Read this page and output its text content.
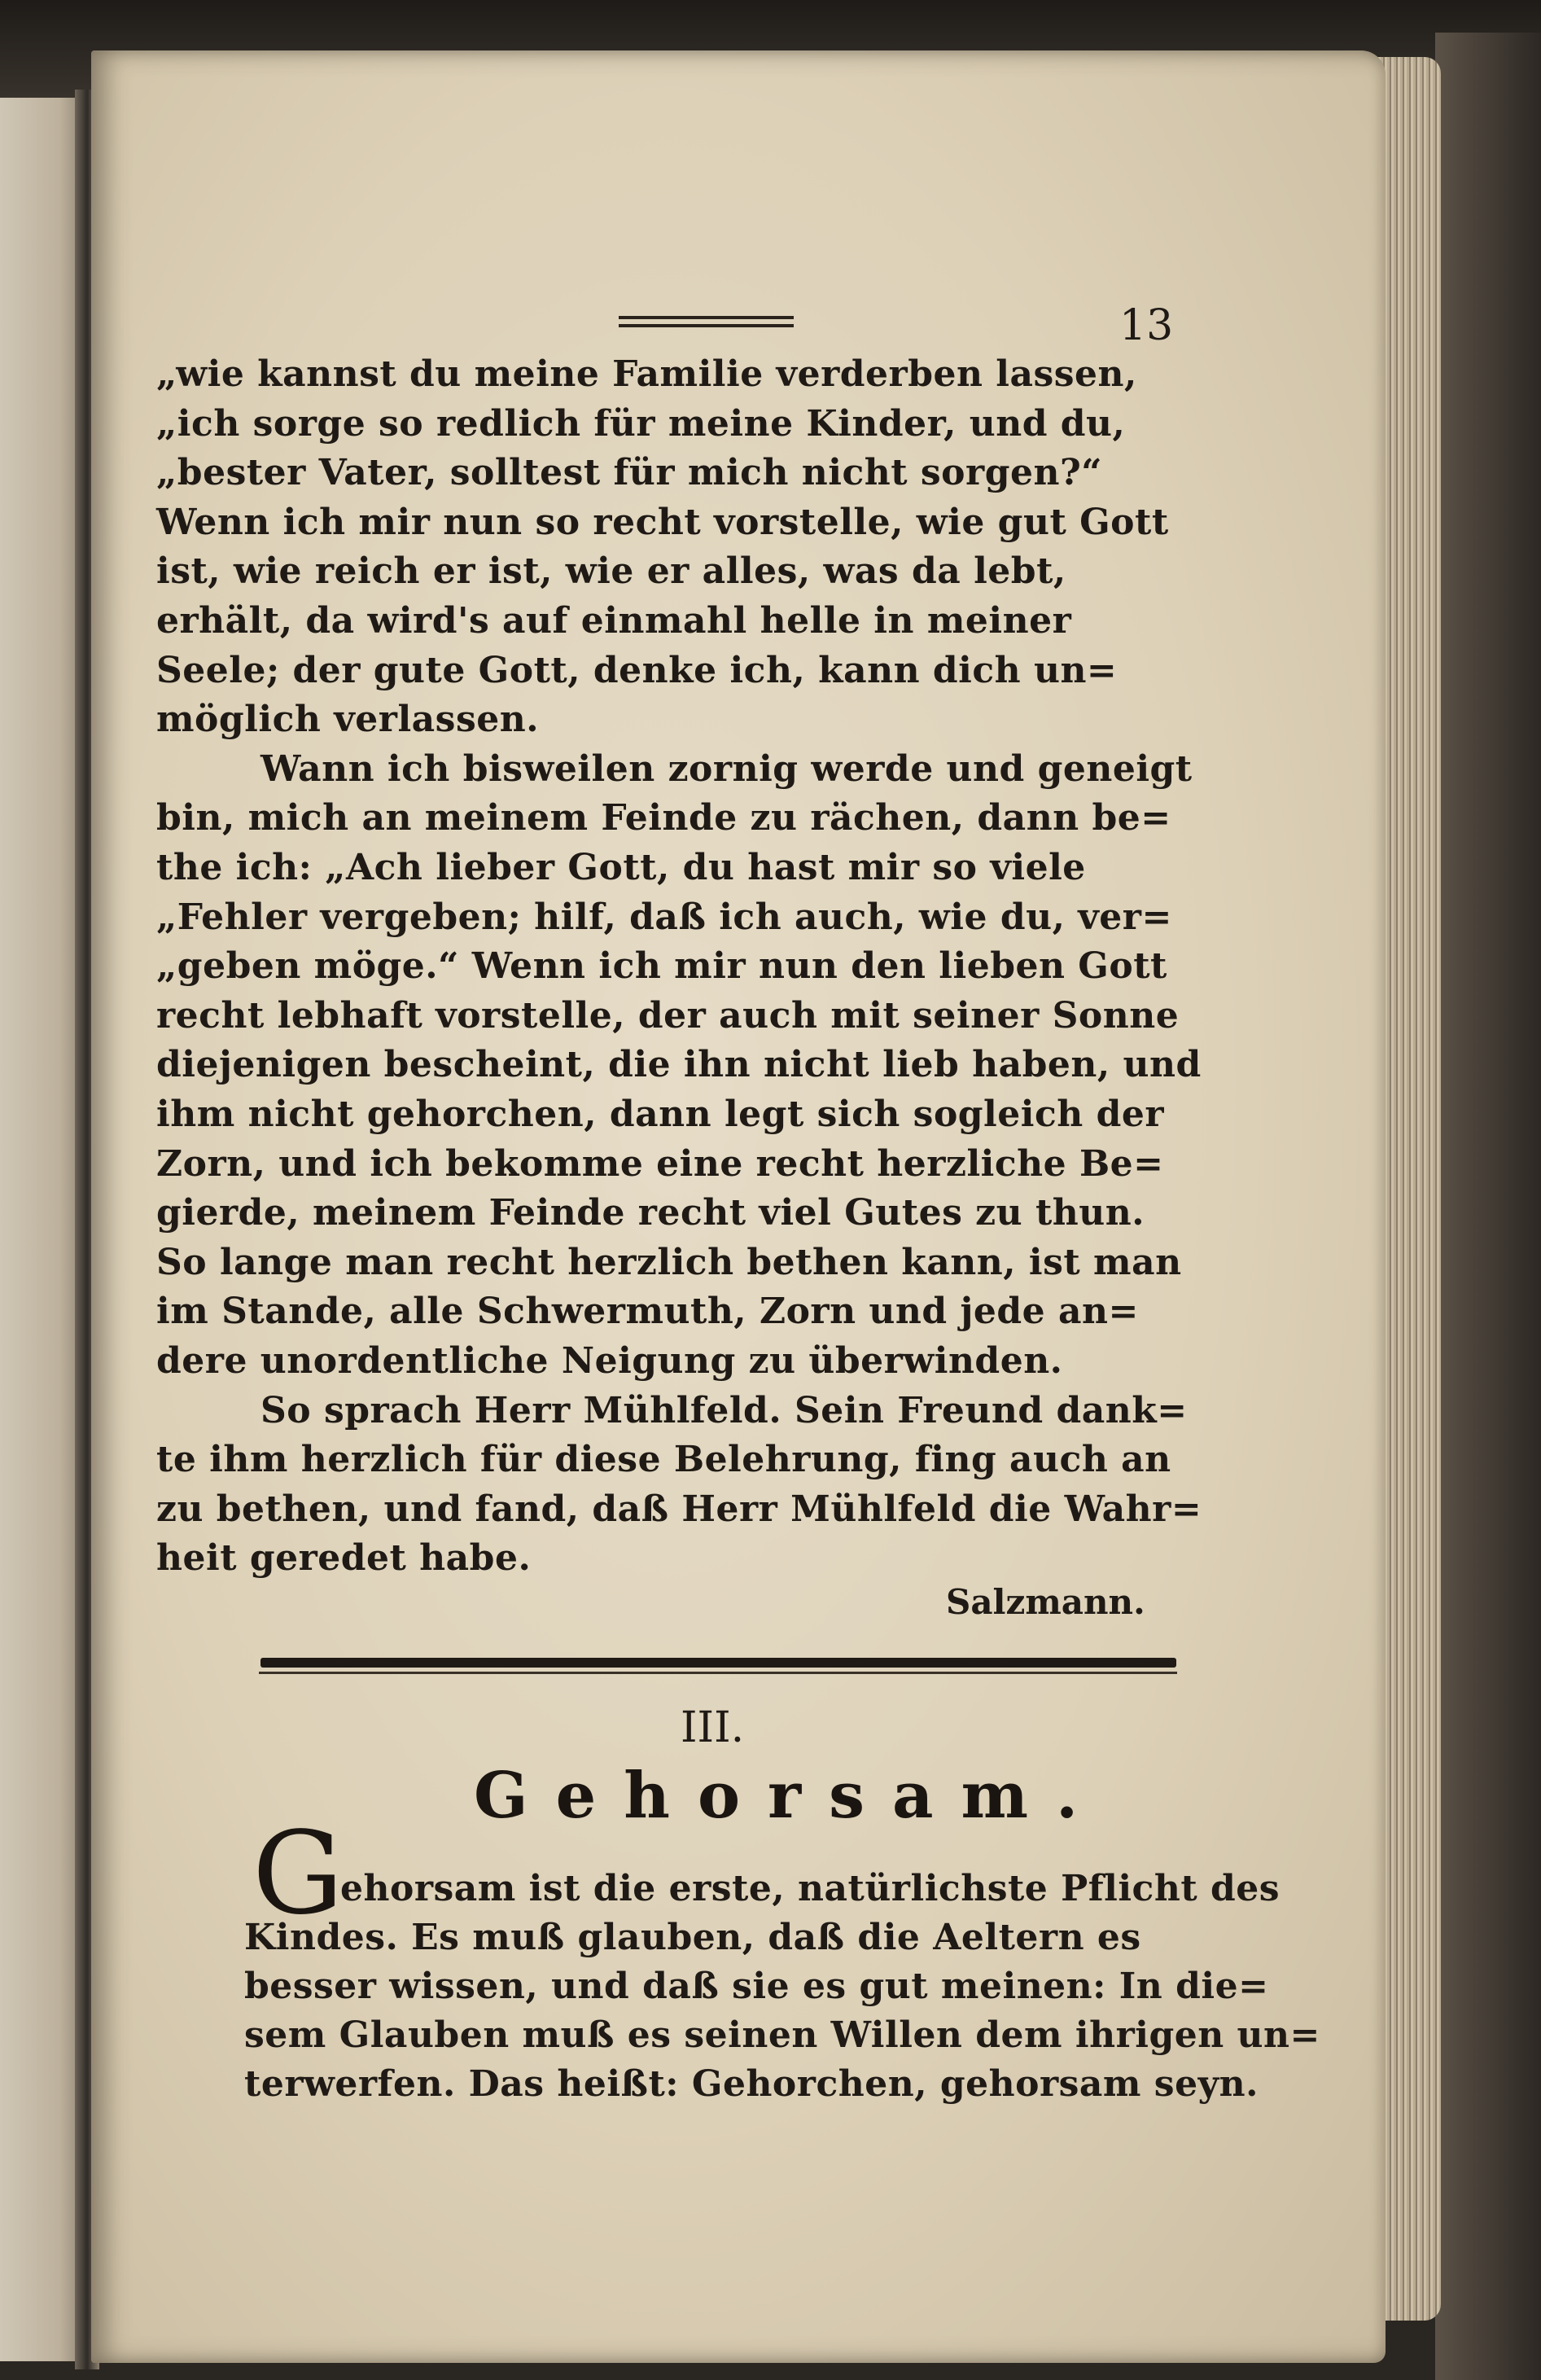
13
„wie kannst du meine Familie verderben lassen,
„ich sorge so redlich für meine Kinder, und du,
„bester Vater, solltest für mich nicht sorgen?“
Wenn ich mir nun so recht vorstelle, wie gut Gott
ist, wie reich er ist, wie er alles, was da lebt,
erhält, da wird's auf einmahl helle in meiner
Seele; der gute Gott, denke ich, kann dich un=
möglich verlassen.
Wann ich bisweilen zornig werde und geneigt
bin, mich an meinem Feinde zu rächen, dann be=
the ich: „Ach lieber Gott, du hast mir so viele
„Fehler vergeben; hilf, daß ich auch, wie du, ver=
„geben möge.“ Wenn ich mir nun den lieben Gott
recht lebhaft vorstelle, der auch mit seiner Sonne
diejenigen bescheint, die ihn nicht lieb haben, und
ihm nicht gehorchen, dann legt sich sogleich der
Zorn, und ich bekomme eine recht herzliche Be=
gierde, meinem Feinde recht viel Gutes zu thun.
So lange man recht herzlich bethen kann, ist man
im Stande, alle Schwermuth, Zorn und jede an=
dere unordentliche Neigung zu überwinden.
So sprach Herr Mühlfeld. Sein Freund dank=
te ihm herzlich für diese Belehrung, fing auch an
zu bethen, und fand, daß Herr Mühlfeld die Wahr=
heit geredet habe.
Salzmann.
III.
Gehorsam.
G
ehorsam ist die erste, natürlichste Pflicht des
Kindes. Es muß glauben, daß die Aeltern es
besser wissen, und daß sie es gut meinen: In die=
sem Glauben muß es seinen Willen dem ihrigen un=
terwerfen. Das heißt: Gehorchen, gehorsam seyn.
